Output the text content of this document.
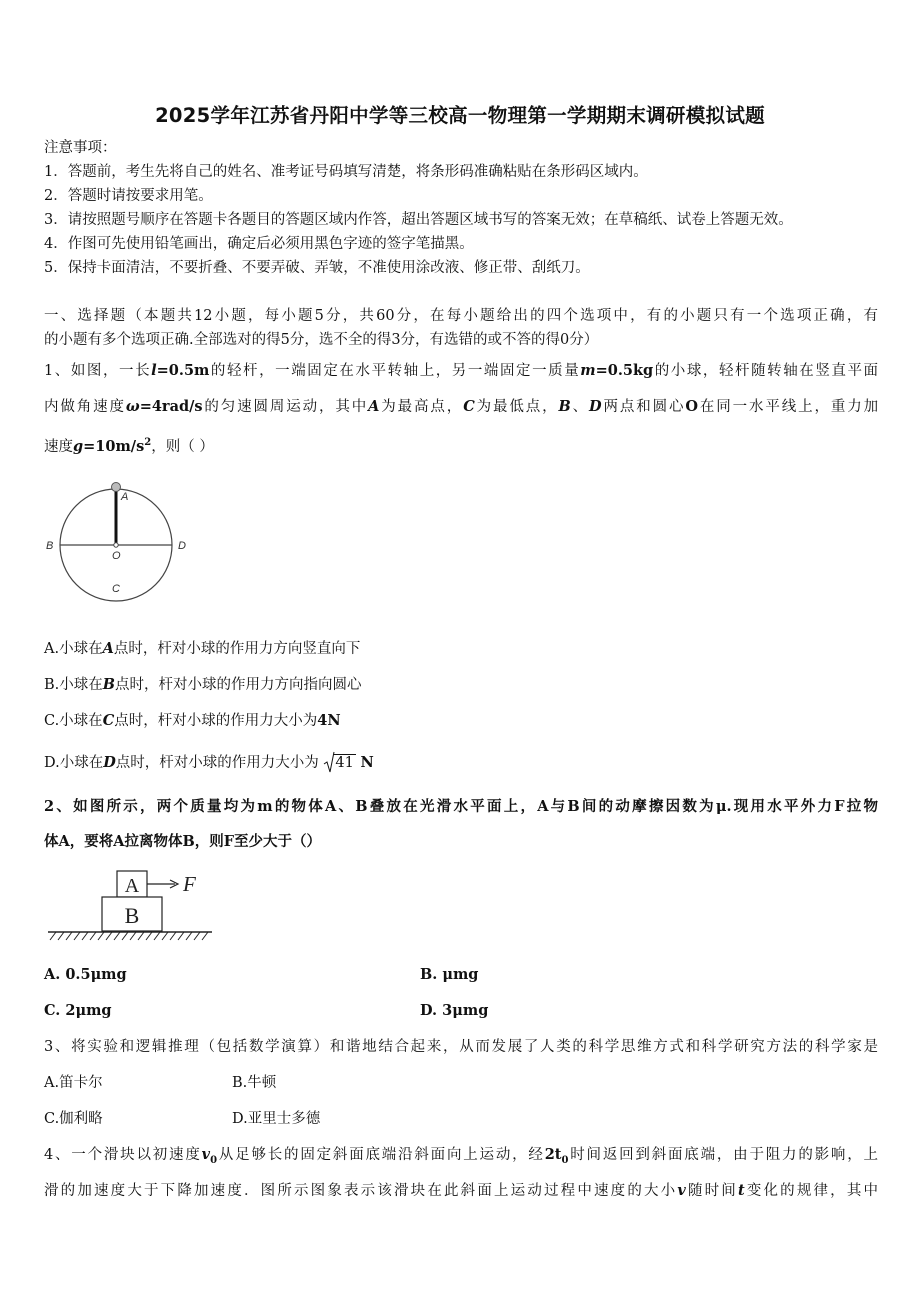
2025学年江苏省丹阳中学等三校高一物理第一学期期末调研模拟试题
注意事项：
1．答题前，考生先将自己的姓名、准考证号码填写清楚，将条形码准确粘贴在条形码区域内。
2．答题时请按要求用笔。
3．请按照题号顺序在答题卡各题目的答题区域内作答，超出答题区域书写的答案无效；在草稿纸、试卷上答题无效。
4．作图可先使用铅笔画出，确定后必须用黑色字迹的签字笔描黑。
5．保持卡面清洁，不要折叠、不要弄破、弄皱，不准使用涂改液、修正带、刮纸刀。
一、选择题（本题共12小题，每小题5分，共60分，在每小题给出的四个选项中，有的小题只有一个选项正确，有
的小题有多个选项正确.全部选对的得5分，选不全的得3分，有选错的或不答的得0分）
1、如图，一长l=0.5m的轻杆，一端固定在水平转轴上，另一端固定一质量m=0.5kg的小球，轻杆随转轴在竖直平面
内做角速度ω=4rad/s的匀速圆周运动，其中A为最高点，C为最低点，B、D两点和圆心O在同一水平线上，重力加
速度$g=10m/s^2$，则（ ）
A
B
O
D
C
A.小球在A点时，杆对小球的作用力方向竖直向下
B.小球在B点时，杆对小球的作用力方向指向圆心
C.小球在C点时，杆对小球的作用力大小为4N
D.小球在D点时，杆对小球的作用力大小为 41 N
2、如图所示，两个质量均为m的物体A、B叠放在光滑水平面上，A与B间的动摩擦因数为μ.现用水平外力F拉物
体A，要将A拉离物体B，则F至少大于（）
A
B
F
A. 0.5μmg	B. μmg
C. 2μmg	D. 3μmg
3、将实验和逻辑推理（包括数学演算）和谐地结合起来，从而发展了人类的科学思维方式和科学研究方法的科学家是
A.笛卡尔	B.牛顿
C.伽利略	D.亚里士多德
4、一个滑块以初速度$v_0$从足够长的固定斜面底端沿斜面向上运动，经$2t_0$时间返回到斜面底端，由于阻力的影响，上
滑的加速度大于下降加速度．图所示图象表示该滑块在此斜面上运动过程中速度的大小v随时间t变化的规律，其中
